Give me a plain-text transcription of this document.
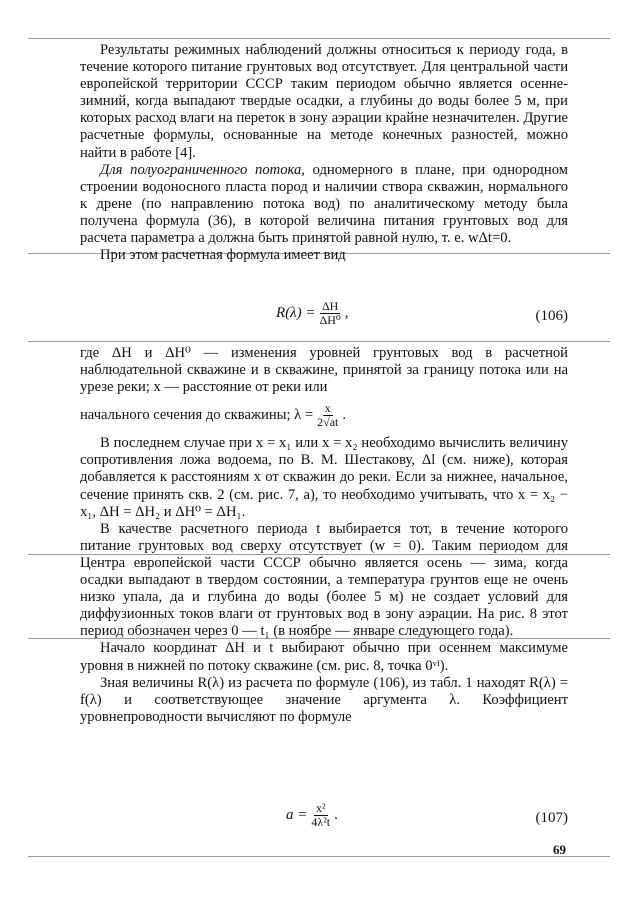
Результаты режимных наблюдений должны относиться к периоду года, в течение которого питание грунтовых вод отсутствует. Для центральной части европейской территории СССР таким периодом обычно является осенне-зимний, когда выпадают твердые осадки, а глубины до воды более 5 м, при которых расход влаги на переток в зону аэрации крайне незначителен. Другие расчетные формулы, основанные на методе конечных разностей, можно найти в работе [4].

Для полуограниченного потока, одномерного в плане, при однородном строении водоносного пласта пород и наличии створа скважин, нормального к дрене (по направлению потока вод) по аналитическому методу была получена формула (36), в которой величина питания грунтовых вод для расчета параметра a должна быть принятой равной нулю, т. е. wΔt=0.

При этом расчетная формула имеет вид

$R(\lambda) = \frac{\Delta H}{\text{ΔH⁰}}$ ,	(106)

где ΔH и ΔH⁰ — изменения уровней грунтовых вод в расчетной наблюдательной скважине и в скважине, принятой за границу потока или на урезе реки; x — расстояние от реки или

начального сечения до скважины; $\lambda = \frac{x}{2√at}$ .

В последнем случае при x = x₁ или x = x₂ необходимо вычислить величину сопротивления ложа водоема, по В. М. Шестакову, Δl (см. ниже), которая добавляется к расстояниям x от скважин до реки. Если за нижнее, начальное, сечение принять скв. 2 (см. рис. 7, a), то необходимо учитывать, что x = x₂ − x₁, ΔH = ΔH₂ и ΔH⁰ = ΔH₁.

В качестве расчетного периода t выбирается тот, в течение которого питание грунтовых вод сверху отсутствует (w = 0). Таким периодом для Центра европейской части СССР обычно является осень — зима, когда осадки выпадают в твердом состоянии, а температура грунтов еще не очень низко упала, да и глубина до воды (более 5 м) не создает условий для диффузионных токов влаги от грунтовых вод в зону аэрации. На рис. 8 этот период обозначен через 0 — t₁ (в ноябре — январе следующего года).

Начало координат ΔH и t выбирают обычно при осеннем максимуме уровня в нижней по потоку скважине (см. рис. 8, точка 0ᵛᴵ).

Зная величины R(λ) из расчета по формуле (106), из табл. 1 находят R(λ) = f(λ) и соответствующее значение аргумента λ. Коэффициент уровнепроводности вычисляют по формуле

$a = \frac{\text{x²}}{\text{4λ²t}}$ .	(107)
69
